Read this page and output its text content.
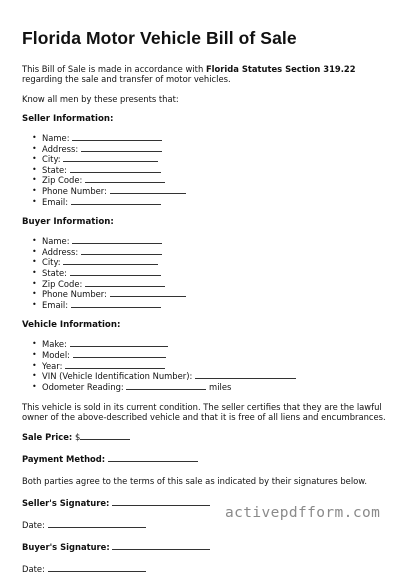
Florida Motor Vehicle Bill of Sale

This Bill of Sale is made in accordance with Florida Statutes Section 319.22 regarding the sale and transfer of motor vehicles.

Know all men by these presents that:

Seller Information:
• Name:
• Address:
• City:
• State:
• Zip Code:
• Phone Number:
• Email:
Buyer Information:
• Name:
• Address:
• City:
• State:
• Zip Code:
• Phone Number:
• Email:
Vehicle Information:
• Make:
• Model:
• Year:
• VIN (Vehicle Identification Number):
• Odometer Reading:	miles

This vehicle is sold in its current condition. The seller certifies that they are the lawful owner of the above-described vehicle and that it is free of all liens and encumbrances.

Sale Price: $
Payment Method:

Both parties agree to the terms of this sale as indicated by their signatures below.

Seller's Signature:
Date:
Buyer's Signature:
Date:
activepdfform.com
